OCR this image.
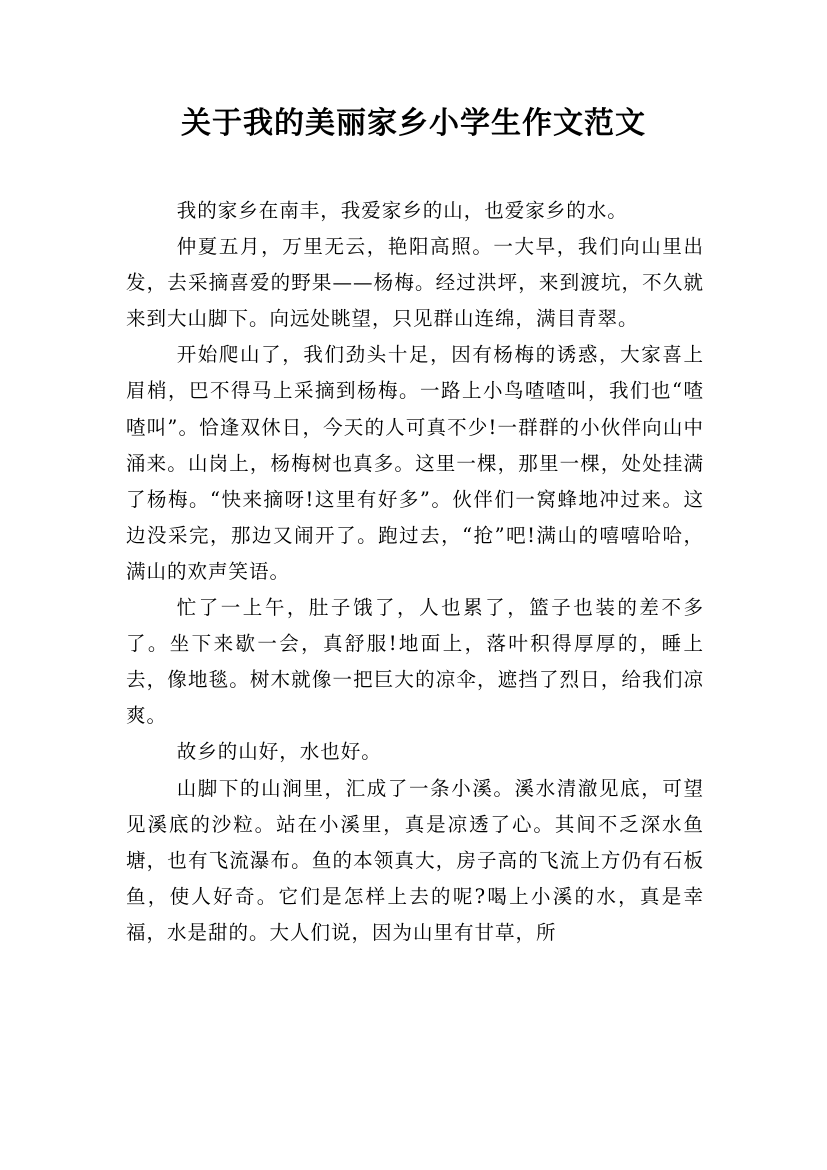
关于我的美丽家乡小学生作文范文

我的家乡在南丰，我爱家乡的山，也爱家乡的水。

仲夏五月，万里无云，艳阳高照。一大早，我们向山里出发，去采摘喜爱的野果——杨梅。经过洪坪，来到渡坑，不久就来到大山脚下。向远处眺望，只见群山连绵，满目青翠。

开始爬山了，我们劲头十足，因有杨梅的诱惑，大家喜上眉梢，巴不得马上采摘到杨梅。一路上小鸟喳喳叫，我们也“喳喳叫”。恰逢双休日，今天的人可真不少!一群群的小伙伴向山中涌来。山岗上，杨梅树也真多。这里一棵，那里一棵，处处挂满了杨梅。“快来摘呀!这里有好多”。伙伴们一窝蜂地冲过来。这边没采完，那边又闹开了。跑过去，“抢”吧!满山的嘻嘻哈哈，满山的欢声笑语。

忙了一上午，肚子饿了，人也累了，篮子也装的差不多了。坐下来歇一会，真舒服!地面上，落叶积得厚厚的，睡上去，像地毯。树木就像一把巨大的凉伞，遮挡了烈日，给我们凉爽。

故乡的山好，水也好。

山脚下的山涧里，汇成了一条小溪。溪水清澈见底，可望见溪底的沙粒。站在小溪里，真是凉透了心。其间不乏深水鱼塘，也有飞流瀑布。鱼的本领真大，房子高的飞流上方仍有石板鱼，使人好奇。它们是怎样上去的呢?喝上小溪的水，真是幸福，水是甜的。大人们说，因为山里有甘草，所
